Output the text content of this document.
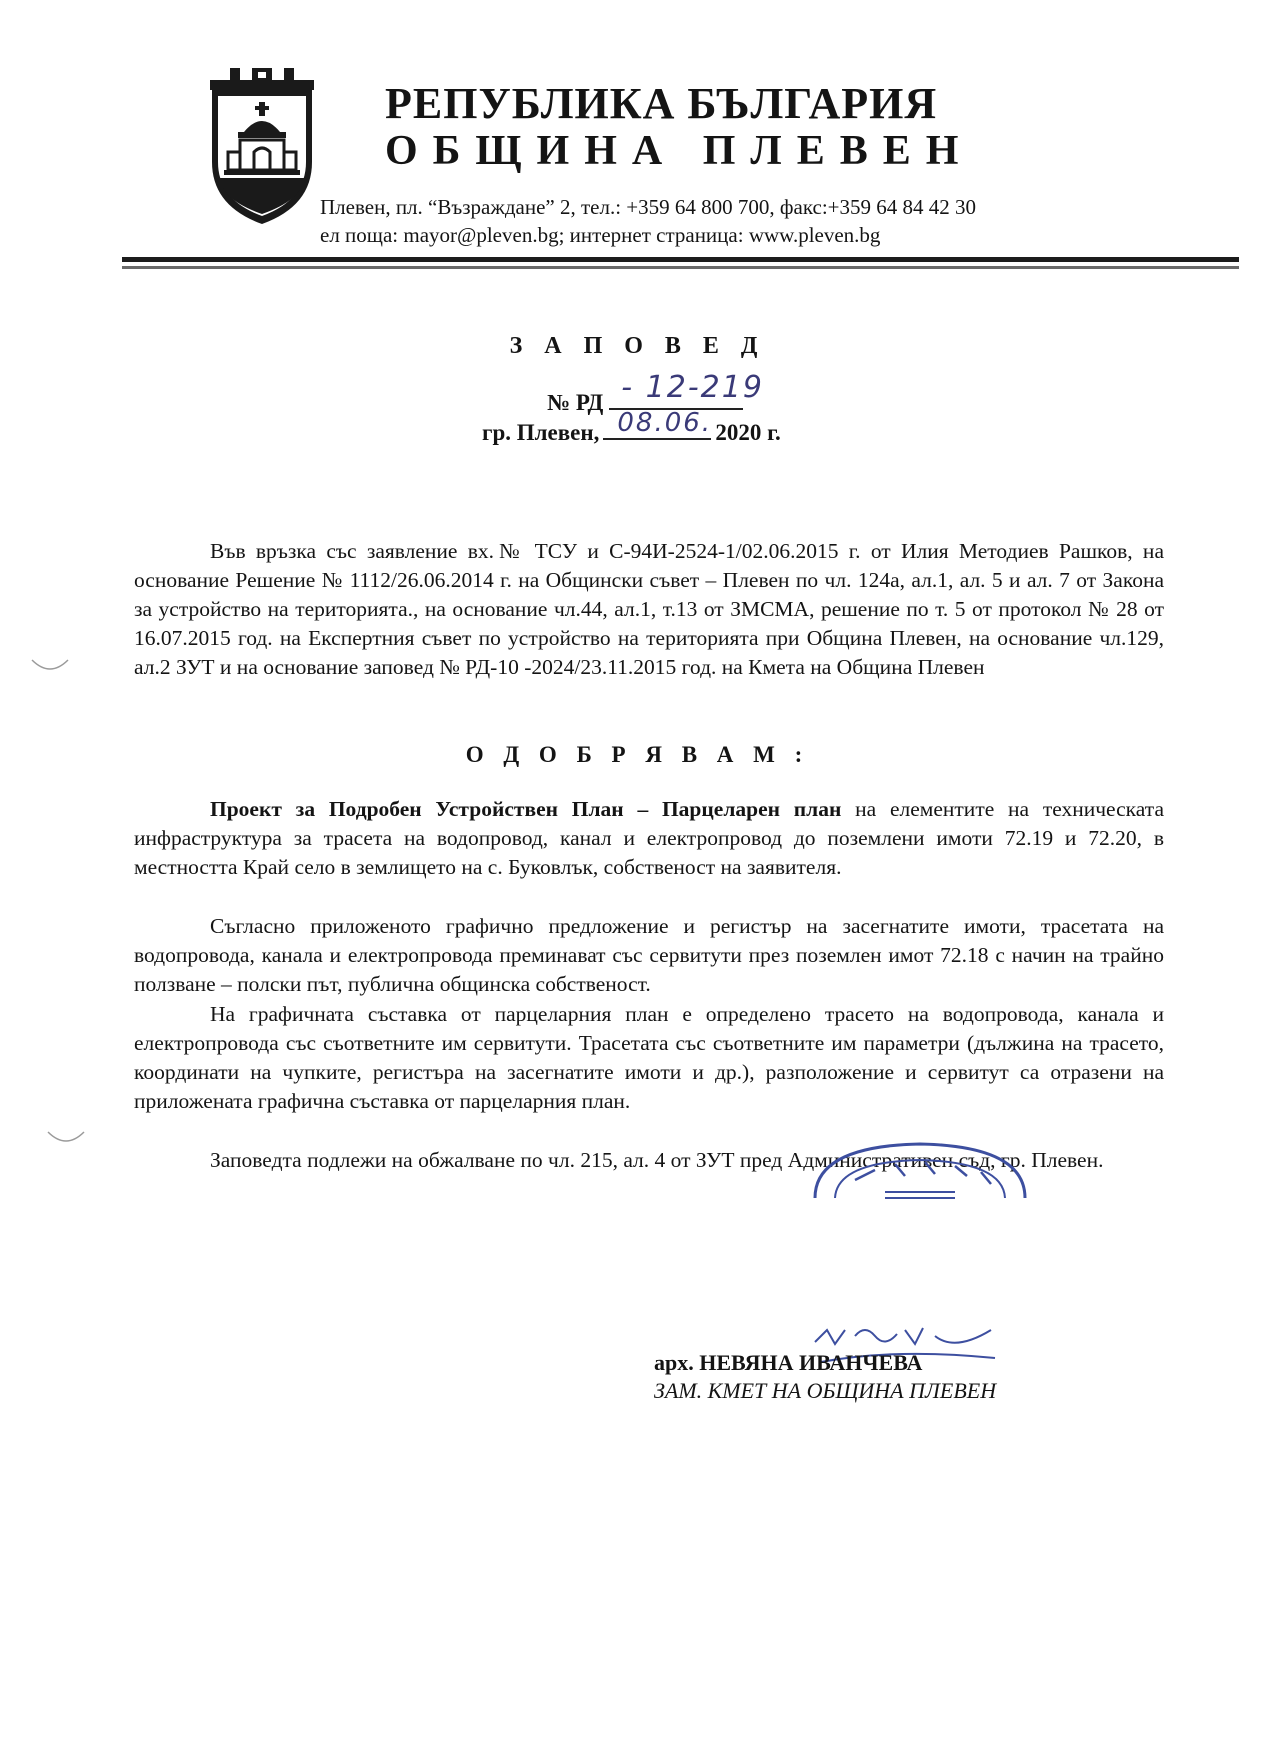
РЕПУБЛИКА БЪЛГАРИЯ
ОБЩИНА ПЛЕВЕН
Плевен, пл. “Възраждане” 2, тел.: +359 64 800 700, факс:+359 64 84 42 30
ел поща: mayor@pleven.bg; интернет страница: www.pleven.bg
З А П О В Е Д
№ РД - 12-219
гр. Плевен, 08.06. 2020 г.

Във връзка със заявление вх.№ ТСУ и С-94И-2524-1/02.06.2015 г. от Илия Методиев Рашков, на основание Решение № 1112/26.06.2014 г. на Общински съвет – Плевен по чл. 124а, ал.1, ал. 5 и ал. 7 от Закона за устройство на територията., на основание чл.44, ал.1, т.13 от ЗМСМА, решение по т. 5 от протокол № 28 от 16.07.2015 год. на Експертния съвет по устройство на територията при Община Плевен, на основание чл.129, ал.2 ЗУТ и на основание заповед № РД-10 -2024/23.11.2015 год. на Кмета на Община Плевен

О Д О Б Р Я В А М :

Проект за Подробен Устройствен План – Парцеларен план на елементите на техническата инфраструктура за трасета на водопровод, канал и електропровод до поземлени имоти 72.19 и 72.20, в местността Край село в землището на с. Буковлък, собственост на заявителя.

Съгласно приложеното графично предложение и регистър на засегнатите имоти, трасетата на водопровода, канала и електропровода преминават със сервитути през поземлен имот 72.18 с начин на трайно ползване – полски път, публична общинска собственост.

На графичната съставка от парцеларния план е определено трасето на водопровода, канала и електропровода със съответните им сервитути. Трасетата със съответните им параметри (дължина на трасето, координати на чупките, регистъра на засегнатите имоти и др.), разположение и сервитут са отразени на приложената графична съставка от парцеларния план.

Заповедта подлежи на обжалване по чл. 215, ал. 4 от ЗУТ пред Административен съд, гр. Плевен.

арх. НЕВЯНА ИВАНЧЕВА
ЗАМ. КМЕТ НА ОБЩИНА ПЛЕВЕН
